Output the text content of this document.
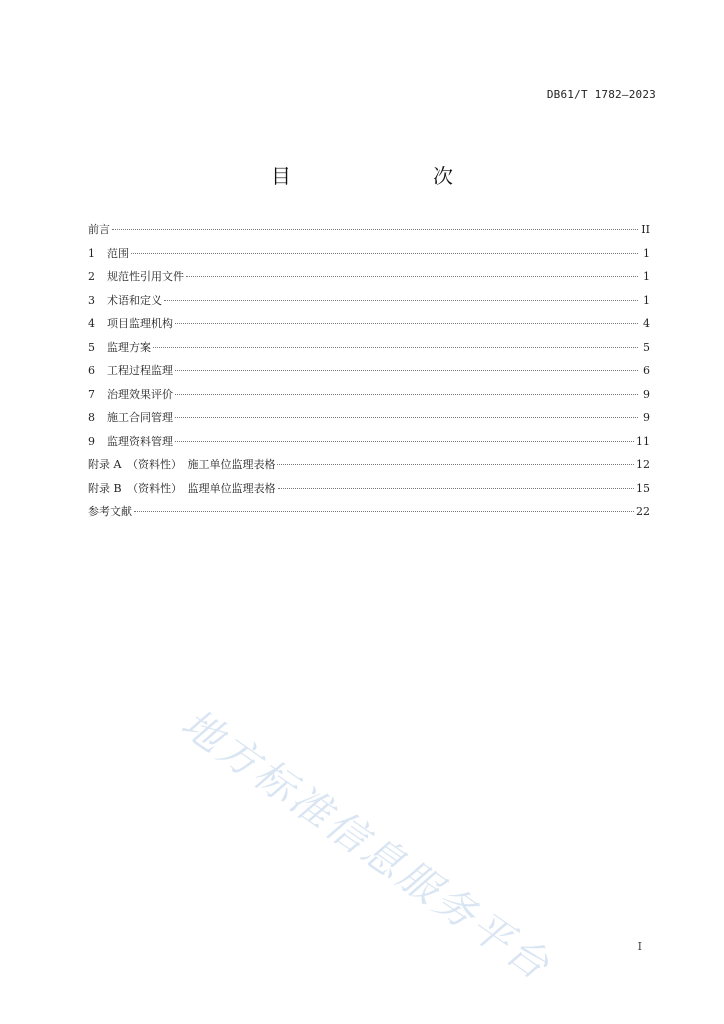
DB61/T 1782—2023
目　　次
前言	II
1 范围	1
2 规范性引用文件	1
3 术语和定义	1
4 项目监理机构	4
5 监理方案	5
6 工程过程监理	6
7 治理效果评价	9
8 施工合同管理	9
9 监理资料管理	11
附录 A　（资料性）　施工单位监理表格	12
附录 B　（资料性）　监理单位监理表格	15
参考文献	22
地方标准信息服务平台	I
